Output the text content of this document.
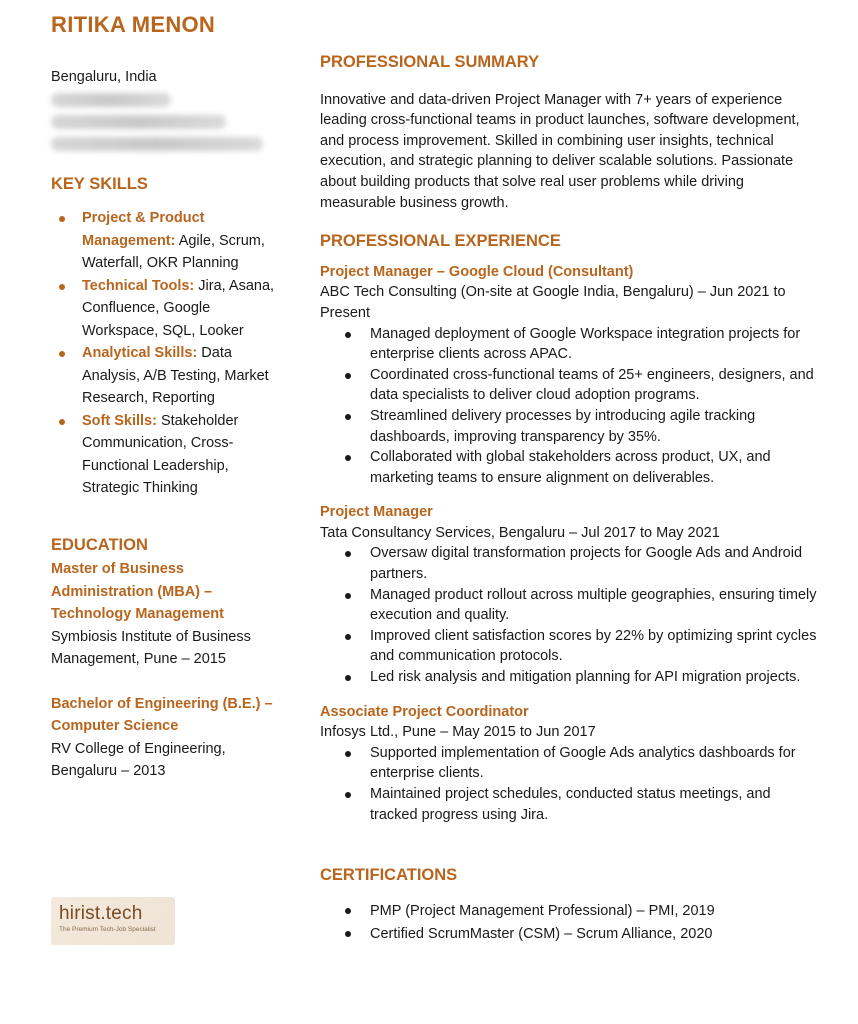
RITIKA MENON
Bengaluru, India
KEY SKILLS
Project & Product Management: Agile, Scrum, Waterfall, OKR Planning
Technical Tools: Jira, Asana, Confluence, Google Workspace, SQL, Looker
Analytical Skills: Data Analysis, A/B Testing, Market Research, Reporting
Soft Skills: Stakeholder Communication, Cross-Functional Leadership, Strategic Thinking
EDUCATION
Master of Business Administration (MBA) – Technology Management
Symbiosis Institute of Business Management, Pune – 2015
Bachelor of Engineering (B.E.) – Computer Science
RV College of Engineering, Bengaluru – 2013
hirist.tech
The Premium Tech-Job Specialist
PROFESSIONAL SUMMARY

Innovative and data-driven Project Manager with 7+ years of experience leading cross-functional teams in product launches, software development, and process improvement. Skilled in combining user insights, technical execution, and strategic planning to deliver scalable solutions. Passionate about building products that solve real user problems while driving measurable business growth.

PROFESSIONAL EXPERIENCE
Project Manager – Google Cloud (Consultant)
ABC Tech Consulting (On-site at Google India, Bengaluru) – Jun 2021 to Present
Managed deployment of Google Workspace integration projects for enterprise clients across APAC.
Coordinated cross-functional teams of 25+ engineers, designers, and data specialists to deliver cloud adoption programs.
Streamlined delivery processes by introducing agile tracking dashboards, improving transparency by 35%.
Collaborated with global stakeholders across product, UX, and marketing teams to ensure alignment on deliverables.
Project Manager
Tata Consultancy Services, Bengaluru – Jul 2017 to May 2021
Oversaw digital transformation projects for Google Ads and Android partners.
Managed product rollout across multiple geographies, ensuring timely execution and quality.
Improved client satisfaction scores by 22% by optimizing sprint cycles and communication protocols.
Led risk analysis and mitigation planning for API migration projects.
Associate Project Coordinator
Infosys Ltd., Pune – May 2015 to Jun 2017
Supported implementation of Google Ads analytics dashboards for enterprise clients.
Maintained project schedules, conducted status meetings, and tracked progress using Jira.
CERTIFICATIONS
PMP (Project Management Professional) – PMI, 2019
Certified ScrumMaster (CSM) – Scrum Alliance, 2020
